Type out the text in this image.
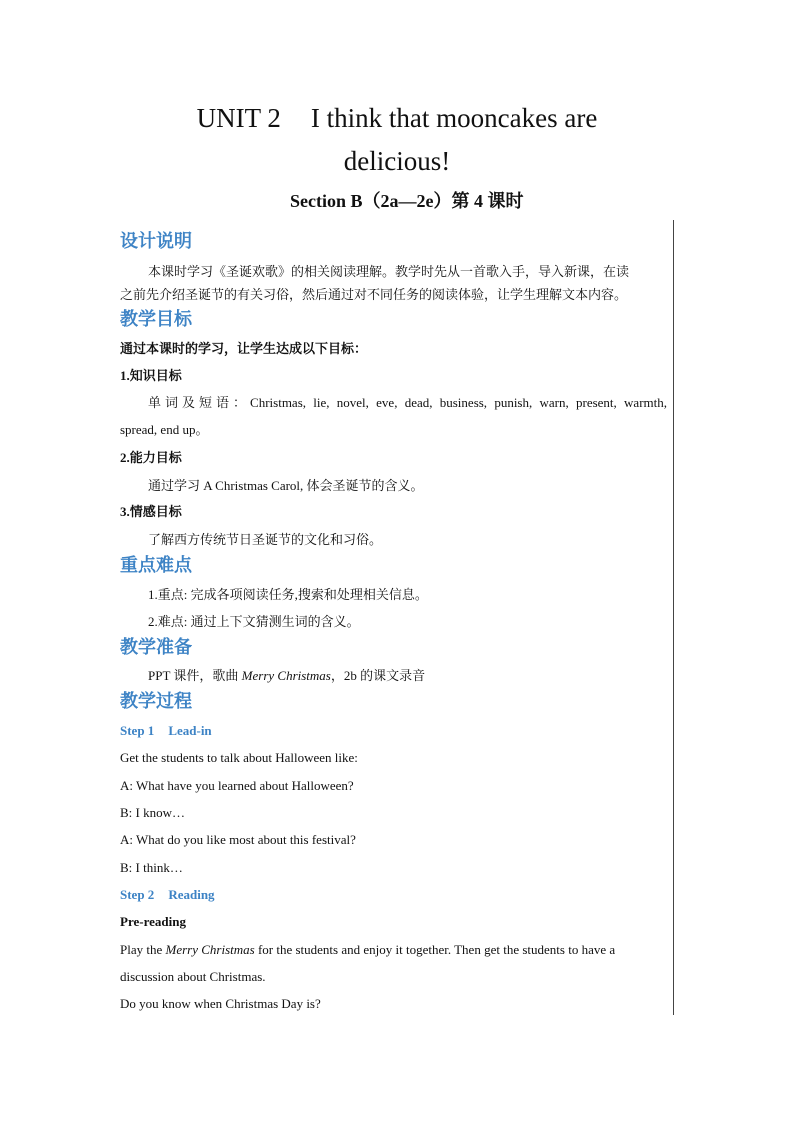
UNIT 2 I think that mooncakes are
delicious!
Section B（2a—2e）第 4 课时
设计说明
本课时学习《圣诞欢歌》的相关阅读理解。教学时先从一首歌入手，导入新课，在读
之前先介绍圣诞节的有关习俗，然后通过对不同任务的阅读体验，让学生理解文本内容。
教学目标
通过本课时的学习，让学生达成以下目标：
1.知识目标
单词及短语：Christmas, lie, novel, eve, dead, business, punish, warn, present, warmth,
spread, end up。
2.能力目标
通过学习 A Christmas Carol, 体会圣诞节的含义。
3.情感目标
了解西方传统节日圣诞节的文化和习俗。
重点难点
1.重点: 完成各项阅读任务,搜索和处理相关信息。
2.难点: 通过上下文猜测生词的含义。
教学准备
PPT 课件，歌曲 Merry Christmas，2b 的课文录音
教学过程
Step 1 Lead-in
Get the students to talk about Halloween like:
A: What have you learned about Halloween?
B: I know…
A: What do you like most about this festival?
B: I think…
Step 2 Reading
Pre-reading
Play the Merry Christmas for the students and enjoy it together. Then get the students to have a
discussion about Christmas.
Do you know when Christmas Day is?
